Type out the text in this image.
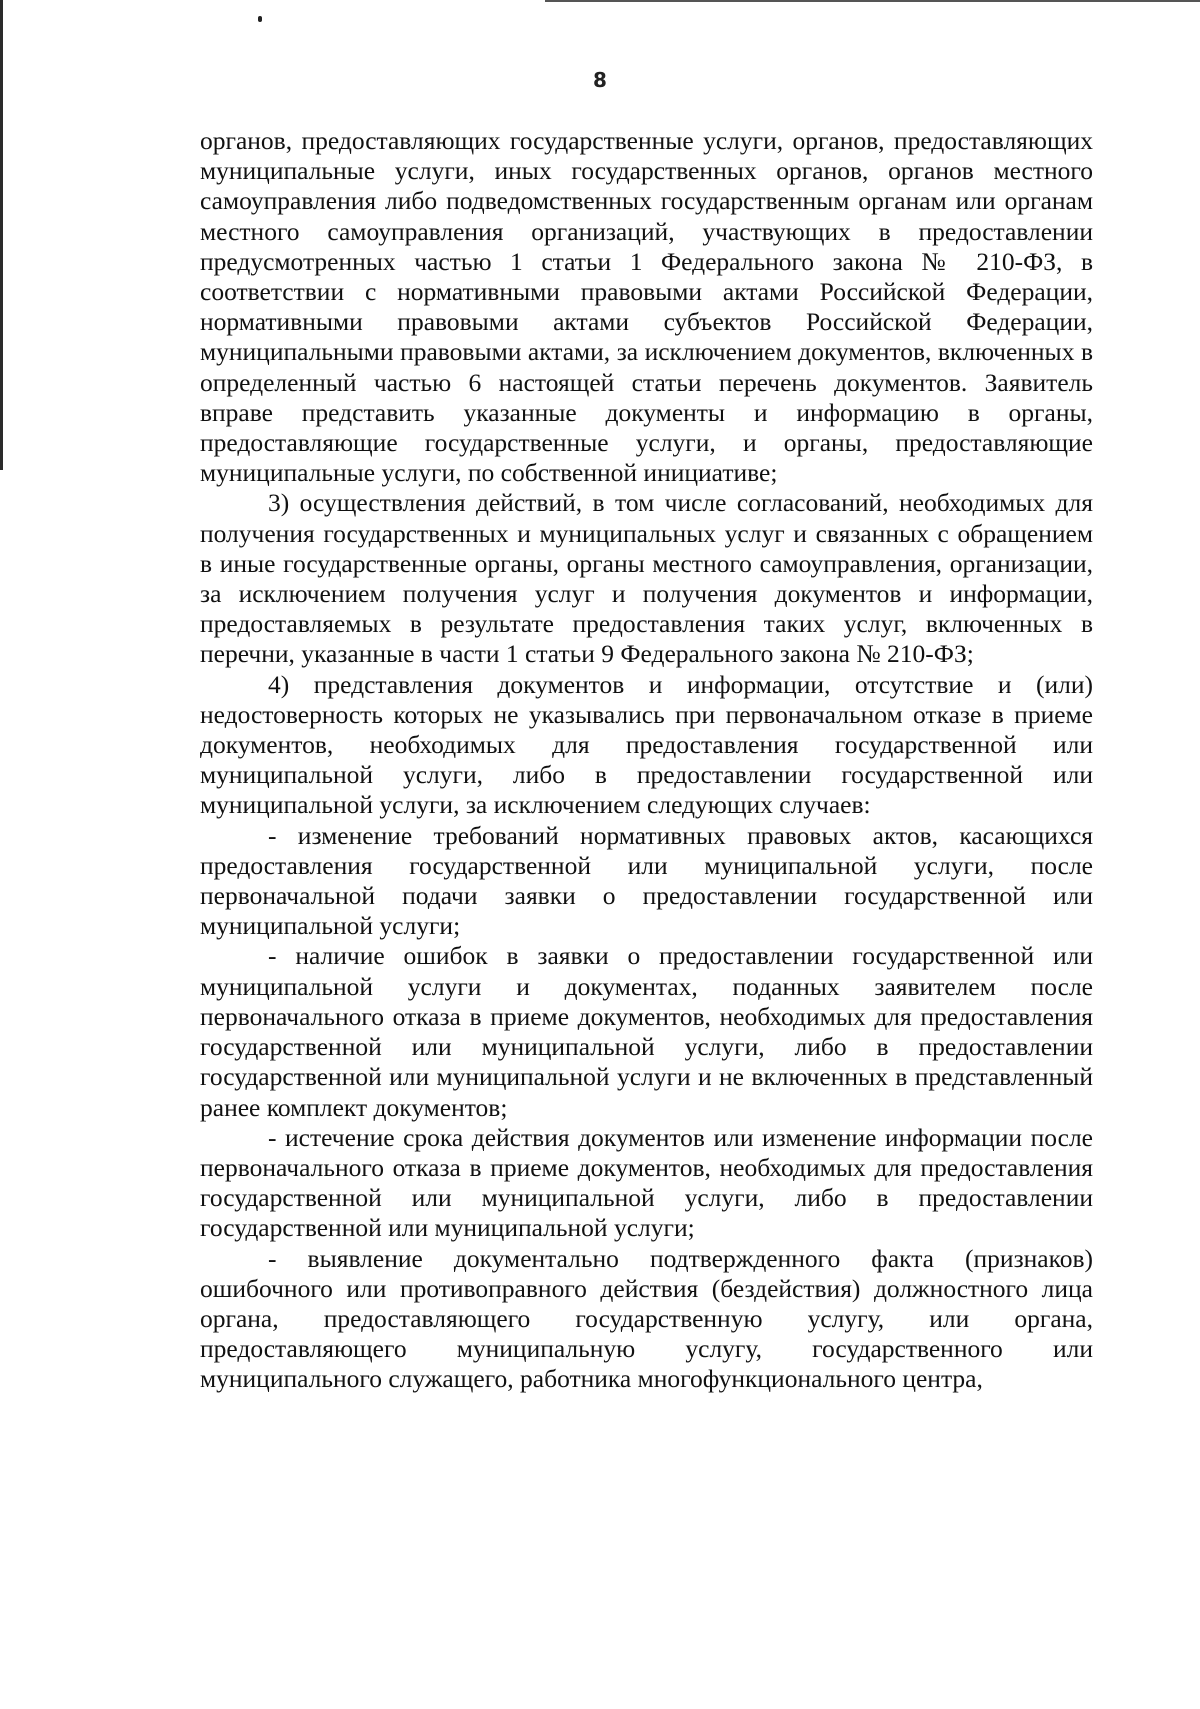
8

органов, предоставляющих государственные услуги, органов, предоставляющих муниципальные услуги, иных государственных органов, органов местного самоуправления либо подведомственных государственным органам или органам местного самоуправления организаций, участвующих в предоставлении предусмотренных частью 1 статьи 1 Федерального закона № 210-ФЗ, в соответствии с нормативными правовыми актами Российской Федерации, нормативными правовыми актами субъектов Российской Федерации, муниципальными правовыми актами, за исключением документов, включенных в определенный частью 6 настоящей статьи перечень документов. Заявитель вправе представить указанные документы и информацию в органы, предоставляющие государственные услуги, и органы, предоставляющие муниципальные услуги, по собственной инициативе;

3) осуществления действий, в том числе согласований, необходимых для получения государственных и муниципальных услуг и связанных с обращением в иные государственные органы, органы местного самоуправления, организации, за исключением получения услуг и получения документов и информации, предоставляемых в результате предоставления таких услуг, включенных в перечни, указанные в части 1 статьи 9 Федерального закона № 210-ФЗ;

4) представления документов и информации, отсутствие и (или) недостоверность которых не указывались при первоначальном отказе в приеме документов, необходимых для предоставления государственной или муниципальной услуги, либо в предоставлении государственной или муниципальной услуги, за исключением следующих случаев:

- изменение требований нормативных правовых актов, касающихся предоставления государственной или муниципальной услуги, после первоначальной подачи заявки о предоставлении государственной или муниципальной услуги;

- наличие ошибок в заявки о предоставлении государственной или муниципальной услуги и документах, поданных заявителем после первоначального отказа в приеме документов, необходимых для предоставления государственной или муниципальной услуги, либо в предоставлении государственной или муниципальной услуги и не включенных в представленный ранее комплект документов;

- истечение срока действия документов или изменение информации после первоначального отказа в приеме документов, необходимых для предоставления государственной или муниципальной услуги, либо в предоставлении государственной или муниципальной услуги;

- выявление документально подтвержденного факта (признаков) ошибочного или противоправного действия (бездействия) должностного лица органа, предоставляющего государственную услугу, или органа, предоставляющего муниципальную услугу, государственного или муниципального служащего, работника многофункционального центра,
